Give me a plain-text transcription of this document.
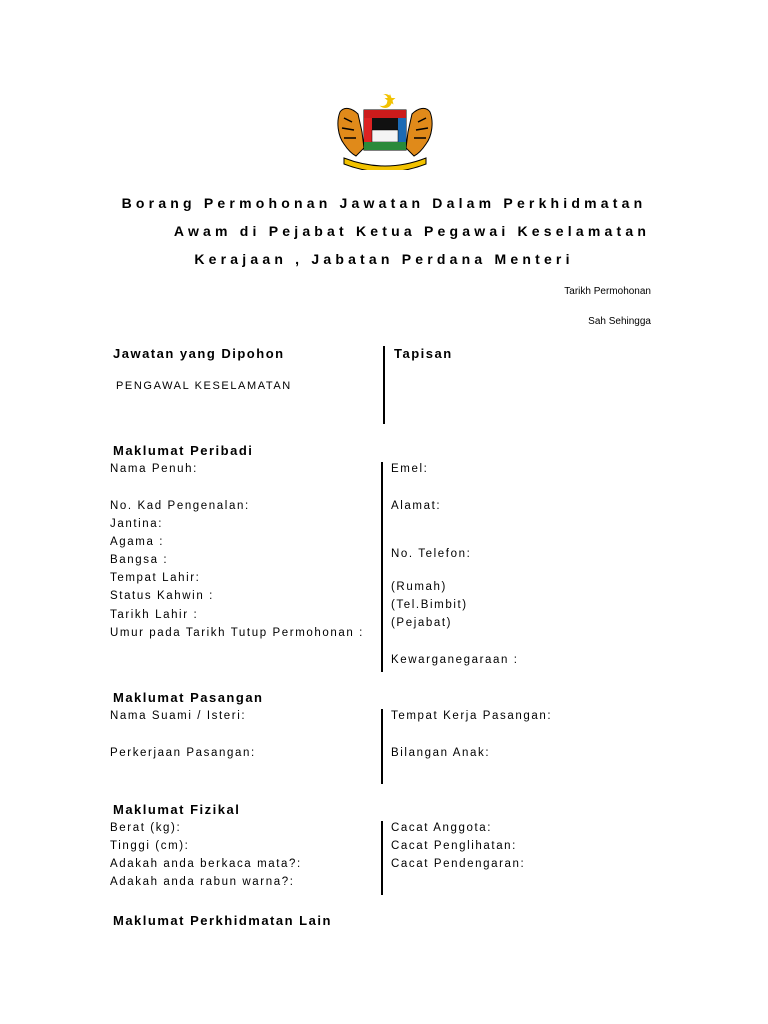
Borang Permohonan Jawatan Dalam Perkhidmatan
Awam di Pejabat Ketua Pegawai Keselamatan
Kerajaan , Jabatan Perdana Menteri
Tarikh Permohonan
Sah Sehingga
Jawatan yang Dipohon
PENGAWAL KESELAMATAN
Tapisan
Maklumat Peribadi
Nama Penuh:
No. Kad Pengenalan:
Jantina:
Agama :
Bangsa :
Tempat Lahir:
Status Kahwin :
Tarikh Lahir :
Umur pada Tarikh Tutup Permohonan :
Emel:
Alamat:
No. Telefon:
(Rumah)
(Tel.Bimbit)
(Pejabat)
Kewarganegaraan :
Maklumat Pasangan
Nama Suami / Isteri:
Perkerjaan Pasangan:
Tempat Kerja Pasangan:
Bilangan Anak:
Maklumat Fizikal
Berat (kg):
Tinggi (cm):
Adakah anda berkaca mata?:
Adakah anda rabun warna?:
Cacat Anggota:
Cacat Penglihatan:
Cacat Pendengaran:
Maklumat Perkhidmatan Lain
